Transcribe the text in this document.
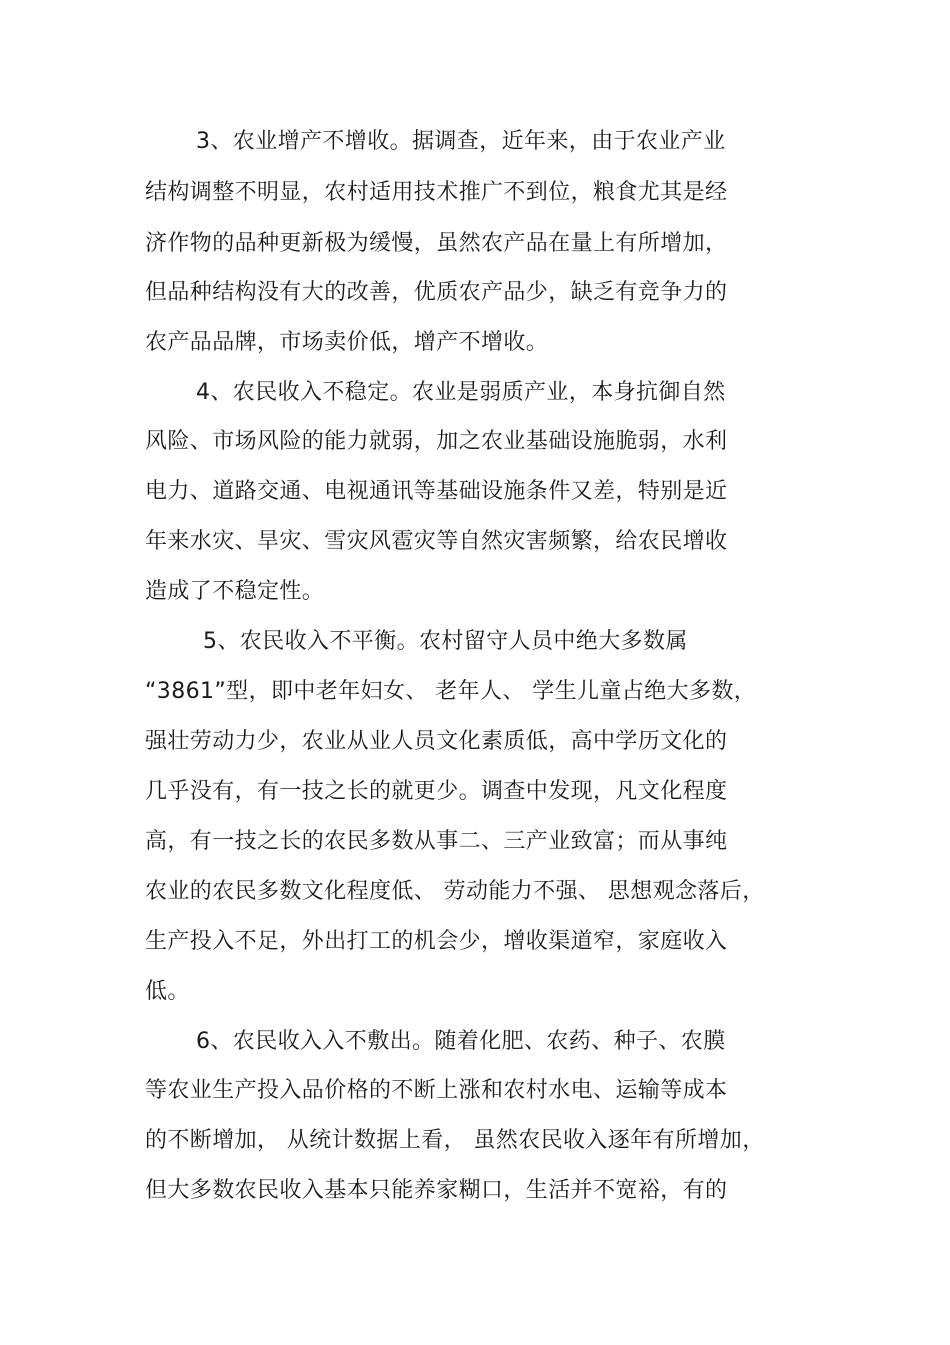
3、农业增产不增收。据调查，近年来，由于农业产业
结构调整不明显，农村适用技术推广不到位，粮食尤其是经
济作物的品种更新极为缓慢，虽然农产品在量上有所增加，
但品种结构没有大的改善，优质农产品少，缺乏有竞争力的
农产品品牌，市场卖价低，增产不增收。
4、农民收入不稳定。农业是弱质产业，本身抗御自然
风险、市场风险的能力就弱，加之农业基础设施脆弱，水利
电力、道路交通、电视通讯等基础设施条件又差，特别是近
年来水灾、旱灾、雪灾风雹灾等自然灾害频繁，给农民增收
造成了不稳定性。
5、农民收入不平衡。农村留守人员中绝大多数属
“3861”型，即中老年妇女、 老年人、 学生儿童占绝大多数，
强壮劳动力少，农业从业人员文化素质低，高中学历文化的
几乎没有，有一技之长的就更少。调查中发现，凡文化程度
高，有一技之长的农民多数从事二、三产业致富；而从事纯
农业的农民多数文化程度低、 劳动能力不强、 思想观念落后，
生产投入不足，外出打工的机会少，增收渠道窄，家庭收入
低。
6、农民收入入不敷出。随着化肥、农药、种子、农膜
等农业生产投入品价格的不断上涨和农村水电、运输等成本
的不断增加， 从统计数据上看， 虽然农民收入逐年有所增加，
但大多数农民收入基本只能养家糊口，生活并不宽裕，有的
